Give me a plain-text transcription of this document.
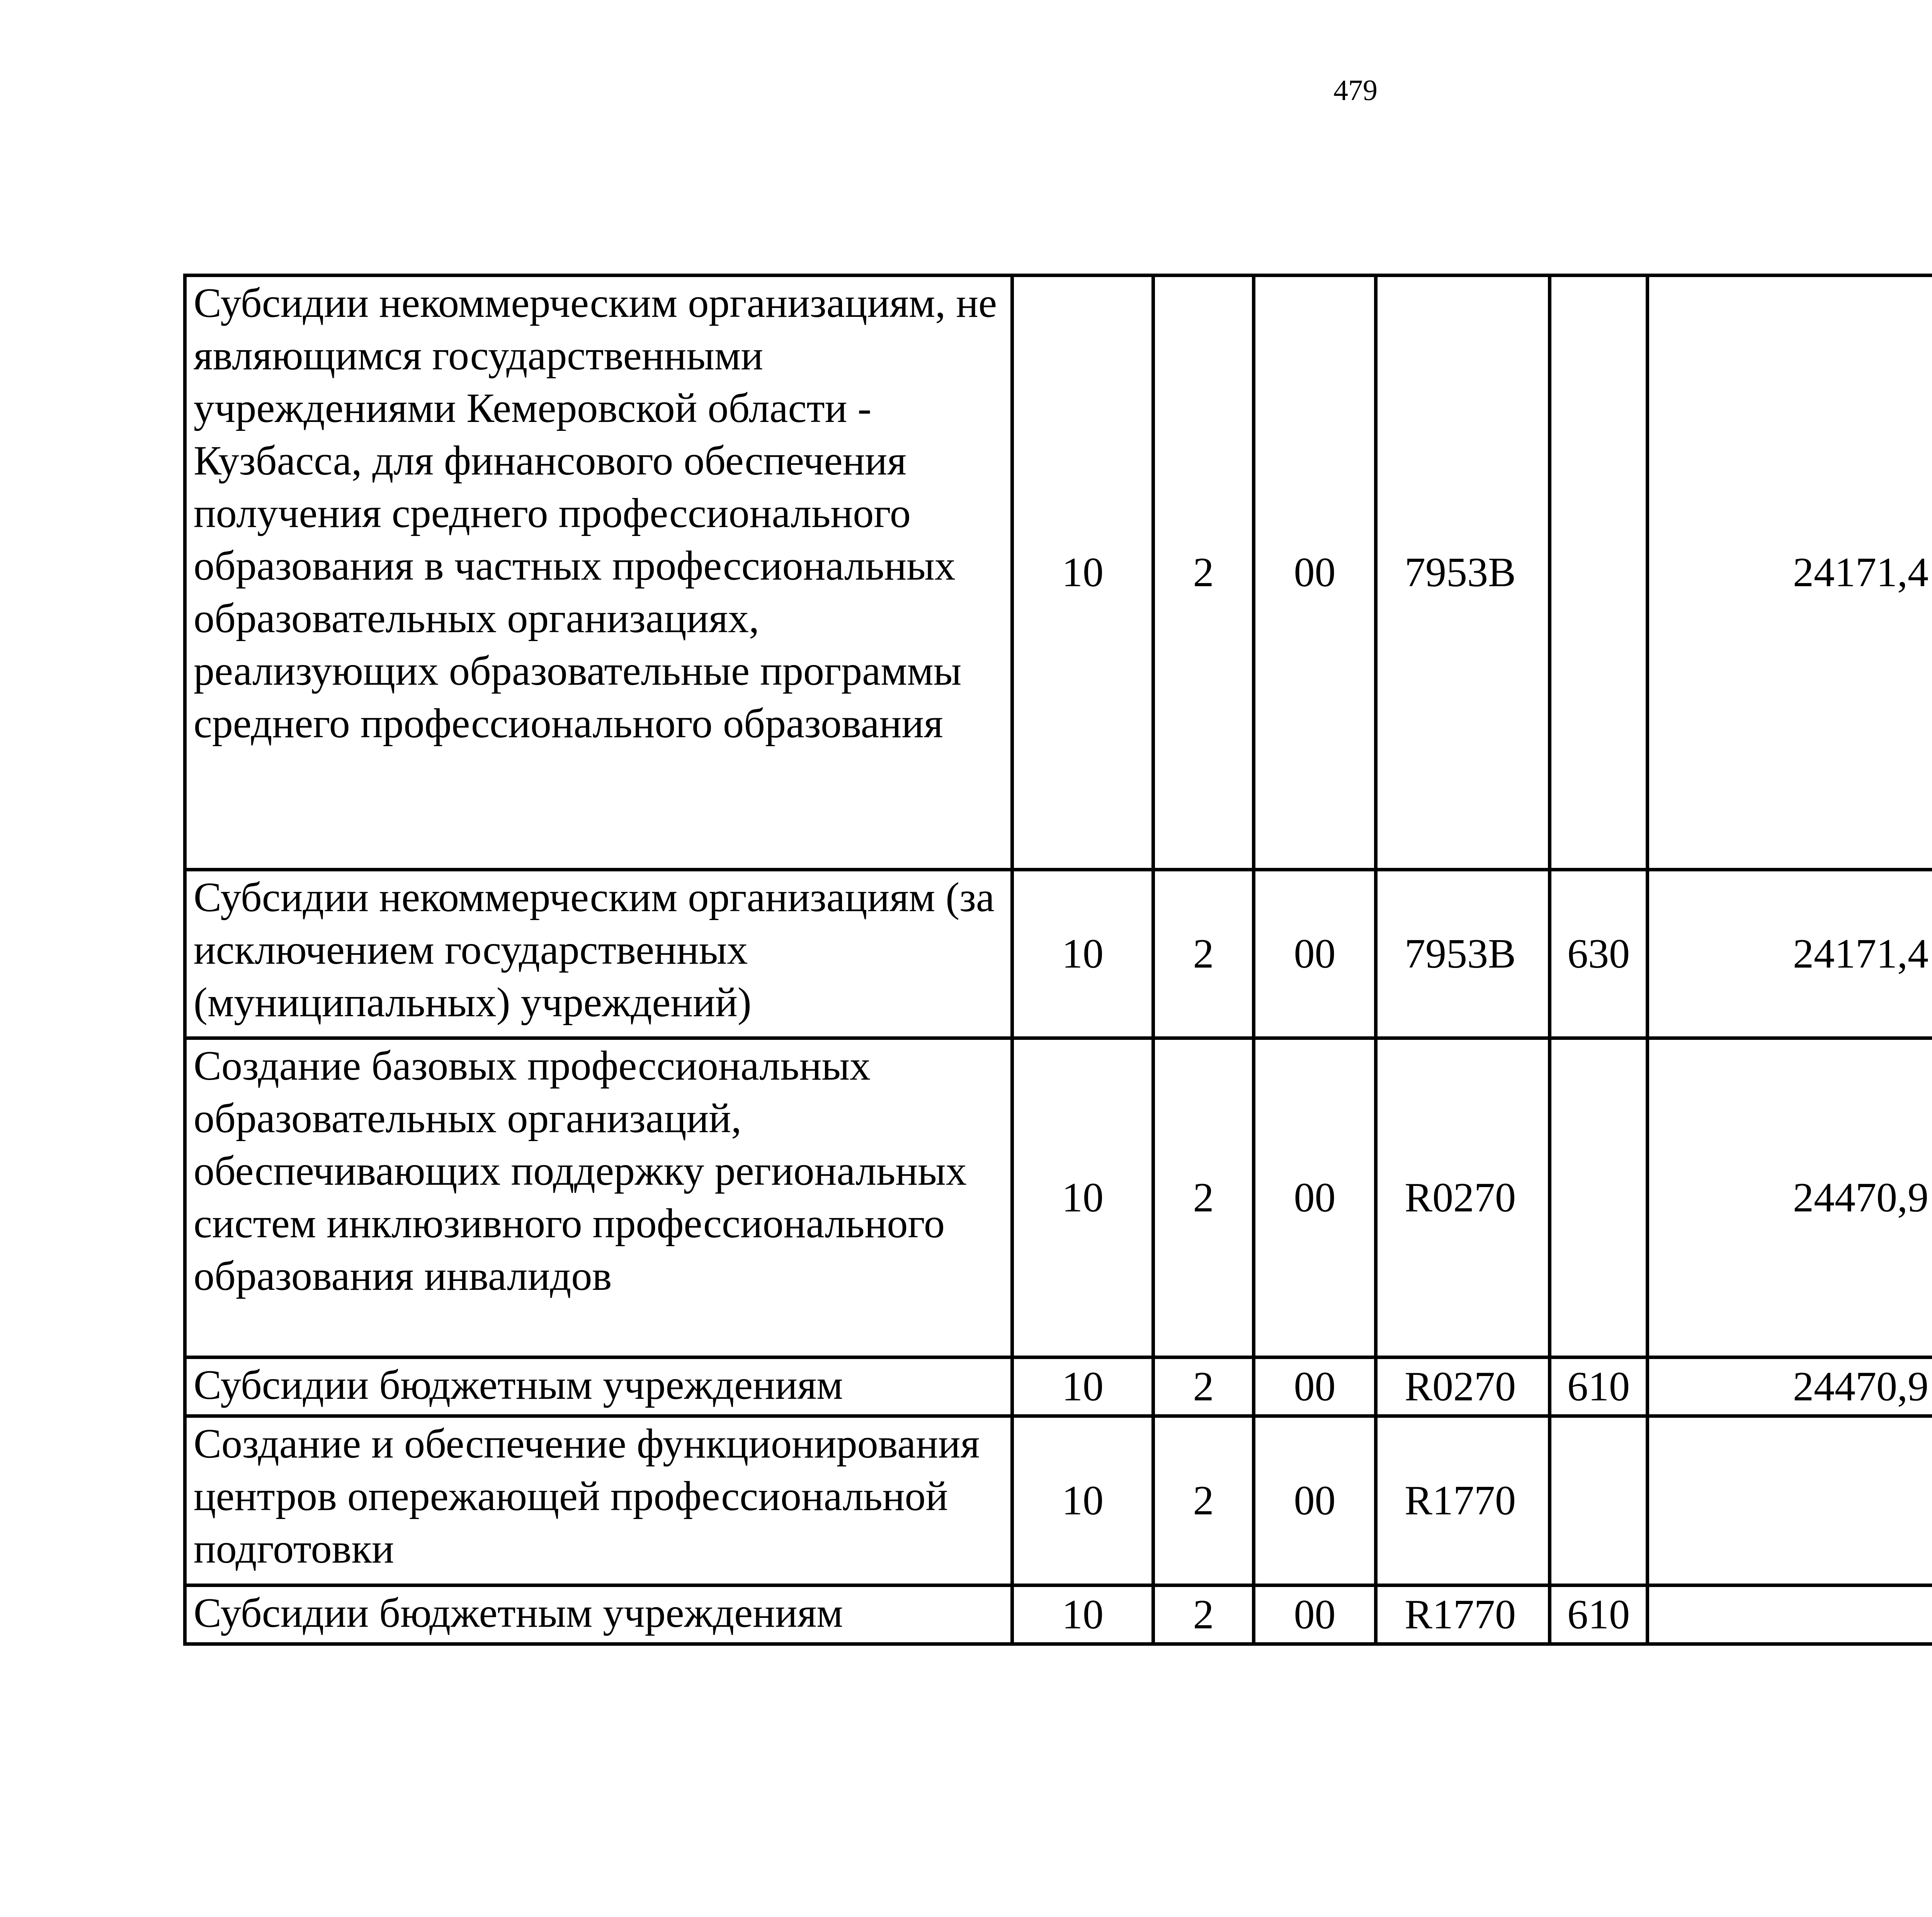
479
Субсидии некоммерческим организациям, не являющимся государственными учреждениями Кемеровской области - Кузбасса, для финансового обеспечения получения среднего профессионального образования в частных профессиональных образовательных организациях, реализующих образовательные программы среднего профессионального образования	10	2	00	7953В		24171,4		
Субсидии некоммерческим организациям (за исключением государственных (муниципальных) учреждений)	10	2	00	7953В	630	24171,4		
Создание базовых профессиональных образовательных организаций, обеспечивающих поддержку региональных систем инклюзивного профессионального образования инвалидов	10	2	00	R0270		24470,9		
Субсидии бюджетным учреждениям	10	2	00	R0270	610	24470,9		
Создание и обеспечение функционирования центров опережающей профессиональной подготовки	10	2	00	R1770				
Субсидии бюджетным учреждениям	10	2	00	R1770	610			
